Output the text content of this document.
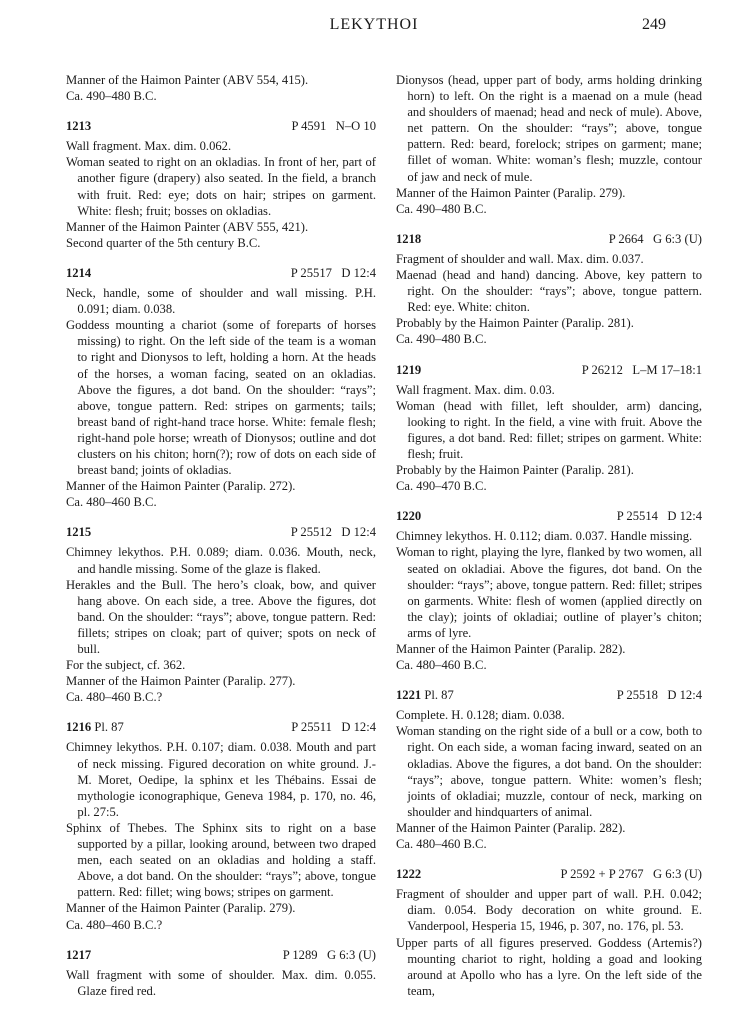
LEKYTHOI	249

Manner of the Haimon Painter (ABV 554, 415).

Ca. 490–480 B.C.

1213	P 4591   N–O 10

Wall fragment. Max. dim. 0.062.

Woman seated to right on an okladias. In front of her, part of another figure (drapery) also seated. In the field, a branch with fruit. Red: eye; dots on hair; stripes on garment. White: flesh; fruit; bosses on okladias.

Manner of the Haimon Painter (ABV 555, 421).

Second quarter of the 5th century B.C.

1214	P 25517   D 12:4

Neck, handle, some of shoulder and wall missing. P.H. 0.091; diam. 0.038.

Goddess mounting a chariot (some of foreparts of horses missing) to right. On the left side of the team is a woman to right and Dionysos to left, holding a horn. At the heads of the horses, a woman facing, seated on an okladias. Above the figures, a dot band. On the shoulder: “rays”; above, tongue pattern. Red: stripes on garments; tails; breast band of right-hand trace horse. White: female flesh; right-hand pole horse; wreath of Dionysos; outline and dot clusters on his chiton; horn(?); row of dots on each side of breast band; joints of okladias.

Manner of the Haimon Painter (Paralip. 272).

Ca. 480–460 B.C.

1215	P 25512   D 12:4

Chimney lekythos. P.H. 0.089; diam. 0.036. Mouth, neck, and handle missing. Some of the glaze is flaked.

Herakles and the Bull. The hero’s cloak, bow, and quiver hang above. On each side, a tree. Above the figures, dot band. On the shoulder: “rays”; above, tongue pattern. Red: fillets; stripes on cloak; part of quiver; spots on neck of bull.

For the subject, cf. 362.

Manner of the Haimon Painter (Paralip. 277).

Ca. 480–460 B.C.?

1216 Pl. 87	P 25511   D 12:4

Chimney lekythos. P.H. 0.107; diam. 0.038. Mouth and part of neck missing. Figured decoration on white ground. J.-M. Moret, Oedipe, la sphinx et les Thébains. Essai de mythologie iconographique, Geneva 1984, p. 170, no. 46, pl. 27:5.

Sphinx of Thebes. The Sphinx sits to right on a base supported by a pillar, looking around, between two draped men, each seated on an okladias and holding a staff. Above, a dot band. On the shoulder: “rays”; above, tongue pattern. Red: fillet; wing bows; stripes on garment.

Manner of the Haimon Painter (Paralip. 279).

Ca. 480–460 B.C.?

1217	P 1289   G 6:3 (U)

Wall fragment with some of shoulder. Max. dim. 0.055. Glaze fired red.

Dionysos (head, upper part of body, arms holding drinking horn) to left. On the right is a maenad on a mule (head and shoulders of maenad; head and neck of mule). Above, net pattern. On the shoulder: “rays”; above, tongue pattern. Red: beard, forelock; stripes on garment; mane; fillet of woman. White: woman’s flesh; muzzle, contour of jaw and neck of mule.

Manner of the Haimon Painter (Paralip. 279).

Ca. 490–480 B.C.

1218	P 2664   G 6:3 (U)

Fragment of shoulder and wall. Max. dim. 0.037.

Maenad (head and hand) dancing. Above, key pattern to right. On the shoulder: “rays”; above, tongue pattern. Red: eye. White: chiton.

Probably by the Haimon Painter (Paralip. 281).

Ca. 490–480 B.C.

1219	P 26212   L–M 17–18:1

Wall fragment. Max. dim. 0.03.

Woman (head with fillet, left shoulder, arm) dancing, looking to right. In the field, a vine with fruit. Above the figures, a dot band. Red: fillet; stripes on garment. White: flesh; fruit.

Probably by the Haimon Painter (Paralip. 281).

Ca. 490–470 B.C.

1220	P 25514   D 12:4

Chimney lekythos. H. 0.112; diam. 0.037. Handle missing.

Woman to right, playing the lyre, flanked by two women, all seated on okladiai. Above the figures, dot band. On the shoulder: “rays”; above, tongue pattern. Red: fillet; stripes on garments. White: flesh of women (applied directly on the clay); joints of okladiai; outline of player’s chiton; arms of lyre.

Manner of the Haimon Painter (Paralip. 282).

Ca. 480–460 B.C.

1221 Pl. 87	P 25518   D 12:4

Complete. H. 0.128; diam. 0.038.

Woman standing on the right side of a bull or a cow, both to right. On each side, a woman facing inward, seated on an okladias. Above the figures, a dot band. On the shoulder: “rays”; above, tongue pattern. White: women’s flesh; joints of okladiai; muzzle, contour of neck, marking on shoulder and hindquarters of animal.

Manner of the Haimon Painter (Paralip. 282).

Ca. 480–460 B.C.

1222	P 2592 + P 2767   G 6:3 (U)

Fragment of shoulder and upper part of wall. P.H. 0.042; diam. 0.054. Body decoration on white ground. E. Vanderpool, Hesperia 15, 1946, p. 307, no. 176, pl. 53.

Upper parts of all figures preserved. Goddess (Artemis?) mounting chariot to right, holding a goad and looking around at Apollo who has a lyre. On the left side of the team,
